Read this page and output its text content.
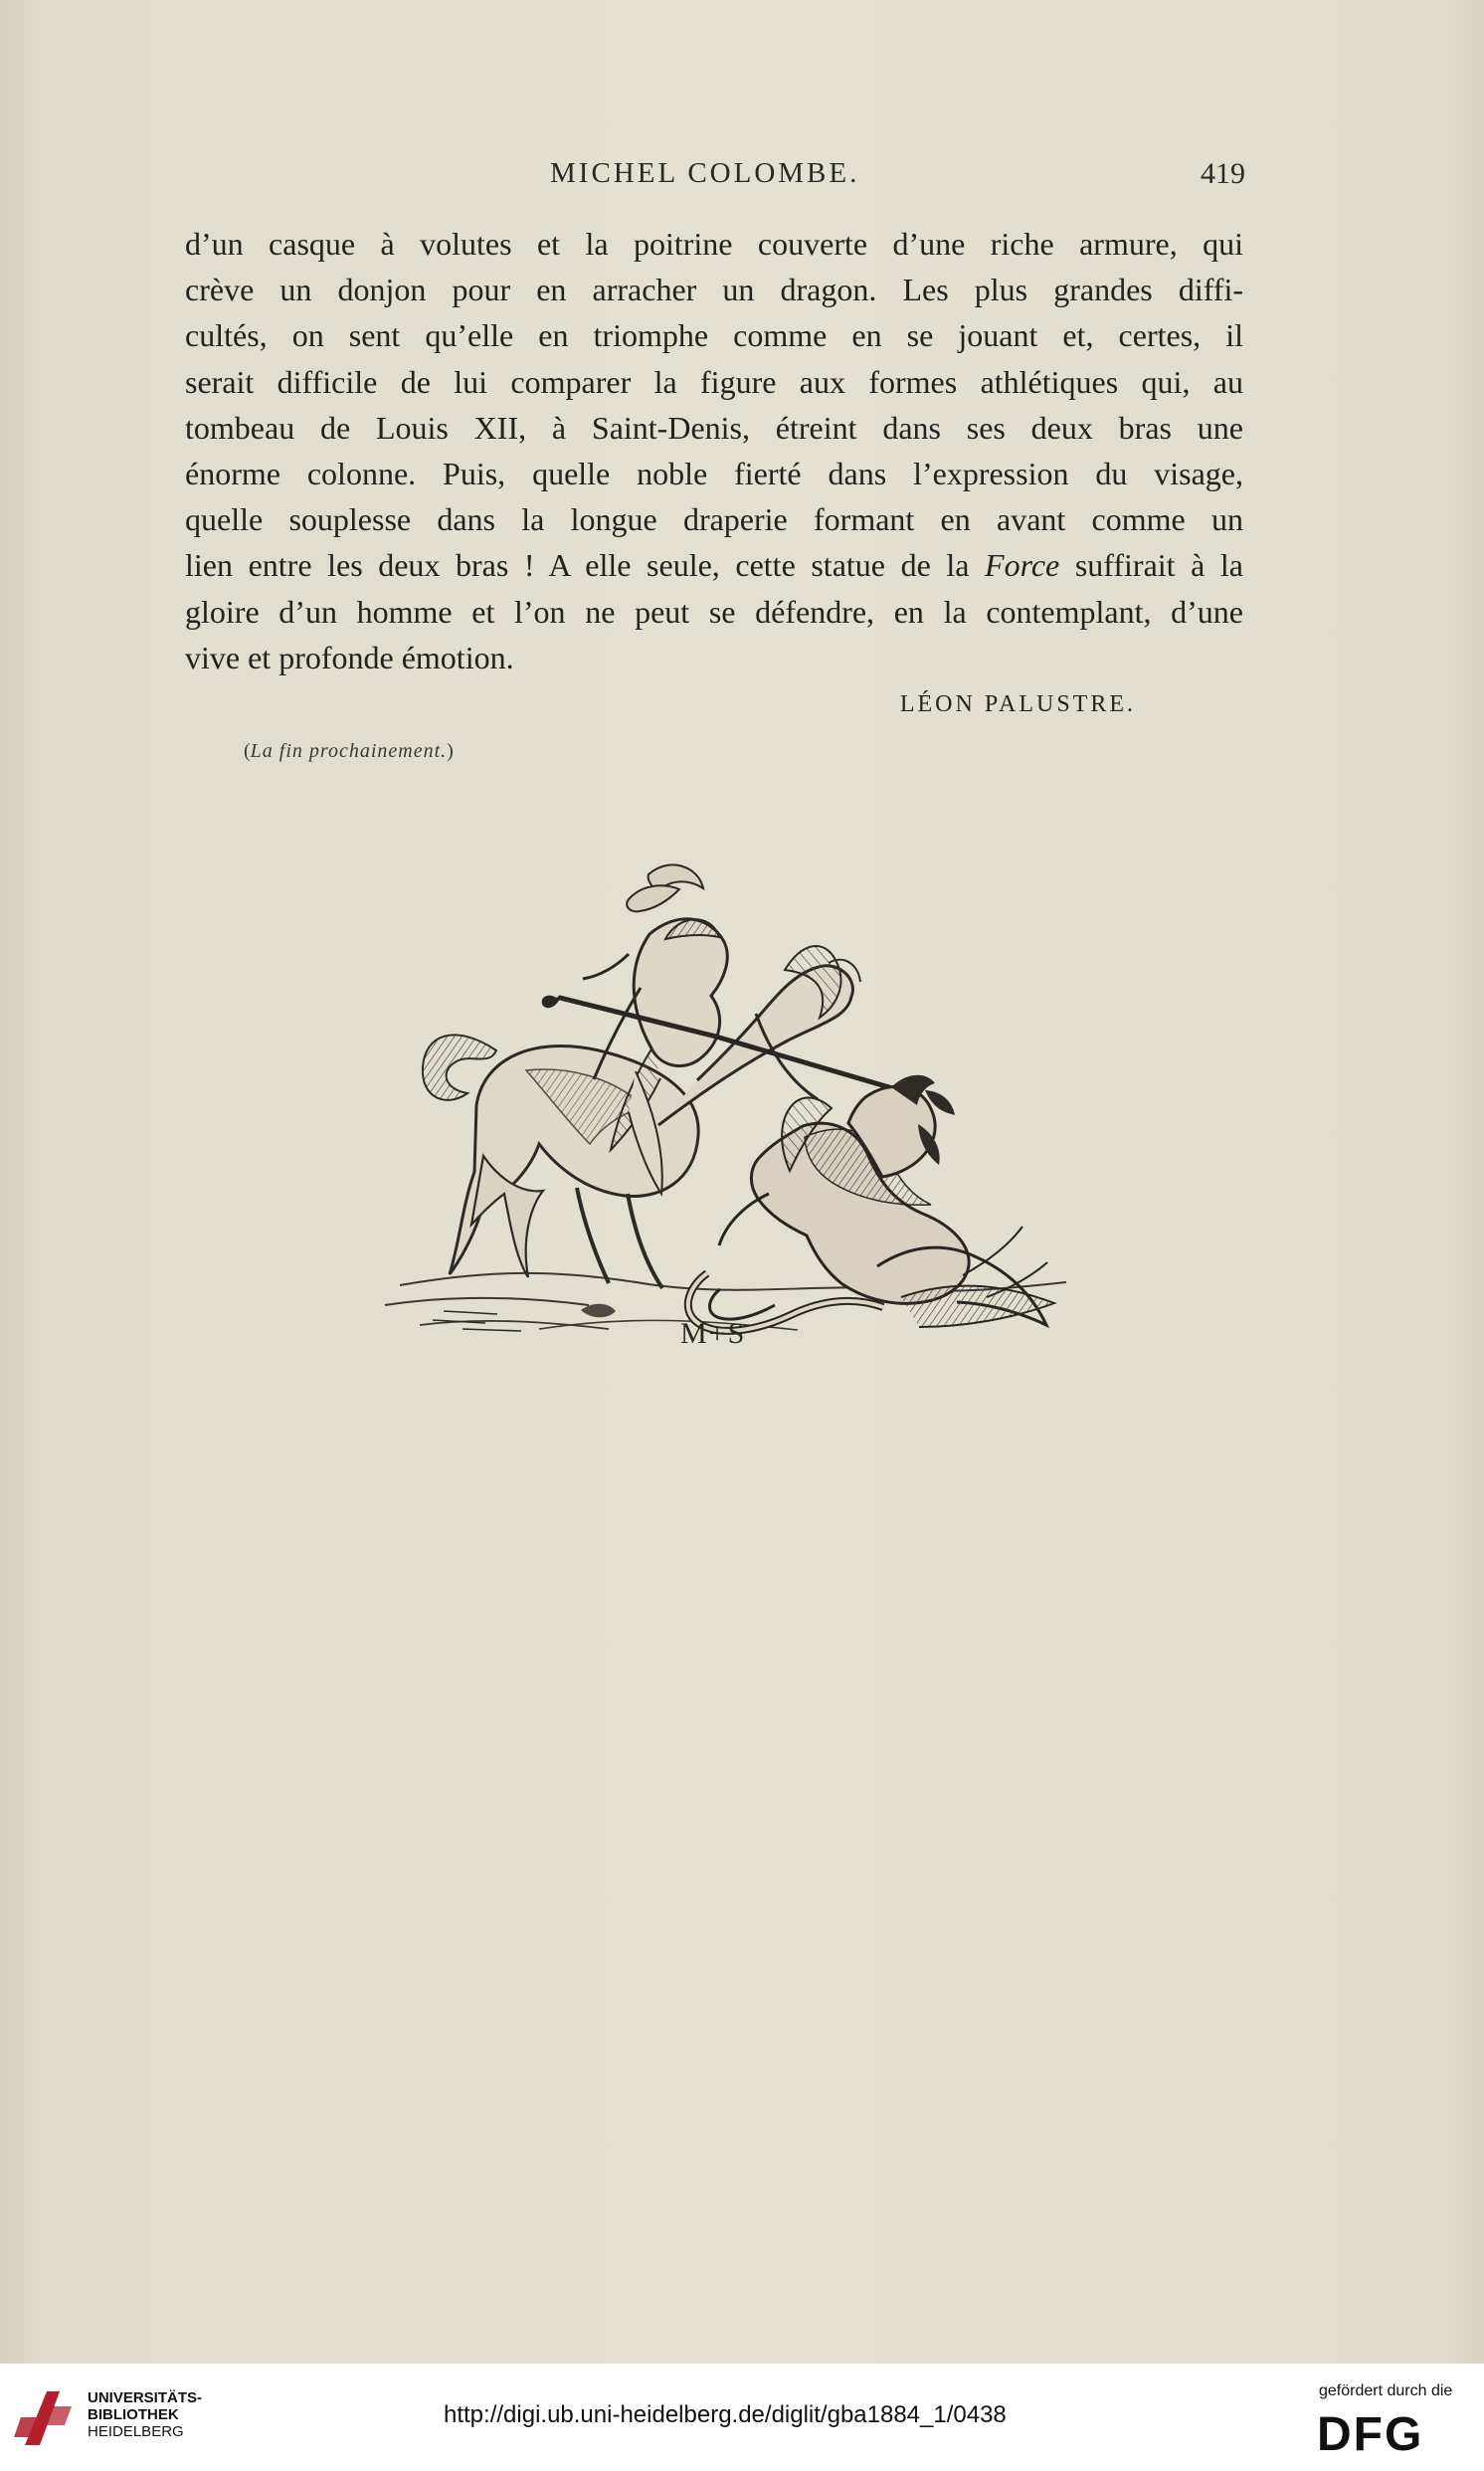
MICHEL COLOMBE.	419
d’un casque à volutes et la poitrine couverte d’une riche armure, qui
crève un donjon pour en arracher un dragon. Les plus grandes diffi-
cultés, on sent qu’elle en triomphe comme en se jouant et, certes, il
serait difficile de lui comparer la figure aux formes athlétiques qui, au
tombeau de Louis XII, à Saint-Denis, étreint dans ses deux bras une
énorme colonne. Puis, quelle noble fierté dans l’expression du visage,
quelle souplesse dans la longue draperie formant en avant comme un
lien entre les deux bras ! A elle seule, cette statue de la Force suffirait à la
gloire d’un homme et l’on ne peut se défendre, en la contemplant, d’une
vive et profonde émotion.
LÉON PALUSTRE.
(La fin prochainement.)
M+S
UNIVERSITÄTS-
BIBLIOTHEK
HEIDELBERG
http://digi.ub.uni-heidelberg.de/diglit/gba1884_1/0438
gefördert durch die
DFG
